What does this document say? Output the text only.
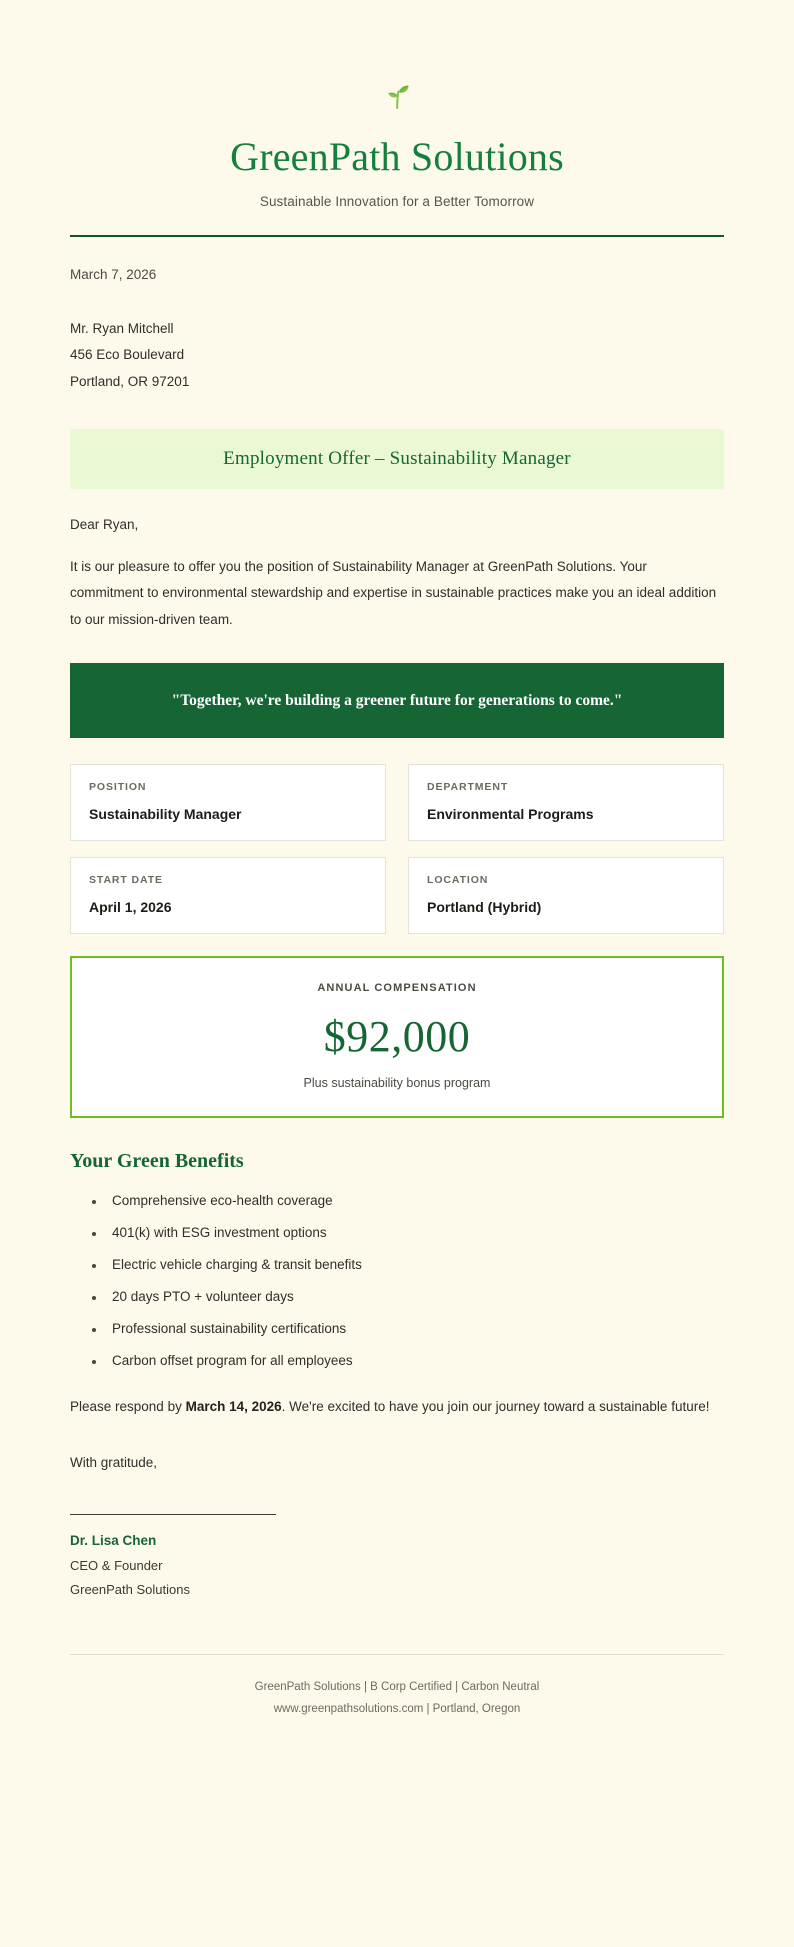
GreenPath Solutions

Sustainable Innovation for a Better Tomorrow

March 7, 2026
Mr. Ryan Mitchell
456 Eco Boulevard
Portland, OR 97201
Employment Offer – Sustainability Manager
Dear Ryan,

It is our pleasure to offer you the position of Sustainability Manager at GreenPath Solutions. Your commitment to environmental stewardship and expertise in sustainable practices make you an ideal addition to our mission-driven team.

"Together, we're building a greener future for generations to come."
POSITION
Sustainability Manager
DEPARTMENT
Environmental Programs
START DATE
April 1, 2026
LOCATION
Portland (Hybrid)
ANNUAL COMPENSATION
$92,000
Plus sustainability bonus program
Your Green Benefits
• Comprehensive eco-health coverage
• 401(k) with ESG investment options
• Electric vehicle charging & transit benefits
• 20 days PTO + volunteer days
• Professional sustainability certifications
• Carbon offset program for all employees

Please respond by March 14, 2026. We're excited to have you join our journey toward a sustainable future!

With gratitude,
Dr. Lisa Chen
CEO & Founder
GreenPath Solutions
GreenPath Solutions | B Corp Certified | Carbon Neutral
www.greenpathsolutions.com | Portland, Oregon
